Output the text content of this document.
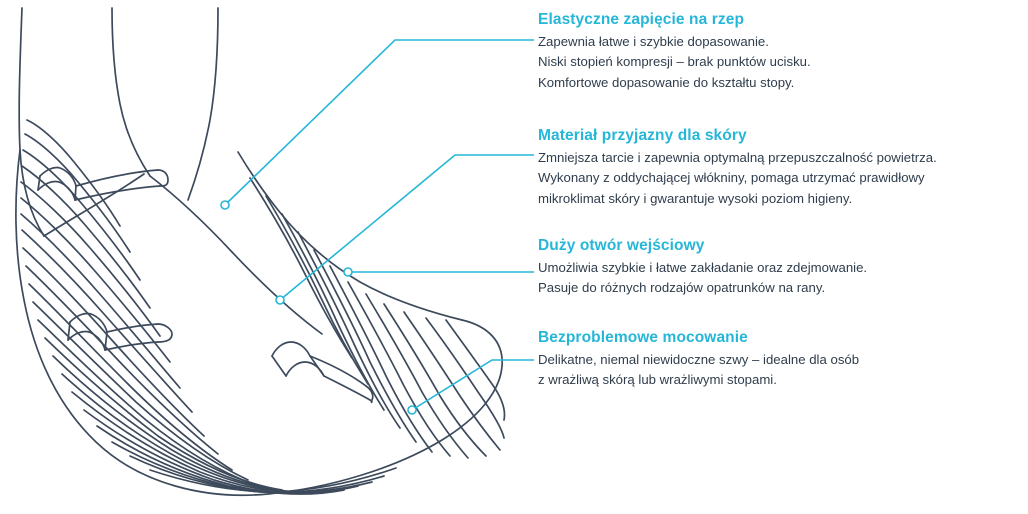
Elastyczne zapięcie na rzep
Zapewnia łatwe i szybkie dopasowanie.
Niski stopień kompresji – brak punktów ucisku.
Komfortowe dopasowanie do kształtu stopy.
Materiał przyjazny dla skóry
Zmniejsza tarcie i zapewnia optymalną przepuszczalność powietrza.
Wykonany z oddychającej włókniny, pomaga utrzymać prawidłowy
mikroklimat skóry i gwarantuje wysoki poziom higieny.
Duży otwór wejściowy
Umożliwia szybkie i łatwe zakładanie oraz zdejmowanie.
Pasuje do różnych rodzajów opatrunków na rany.
Bezproblemowe mocowanie
Delikatne, niemal niewidoczne szwy – idealne dla osób
z wrażliwą skórą lub wrażliwymi stopami.
